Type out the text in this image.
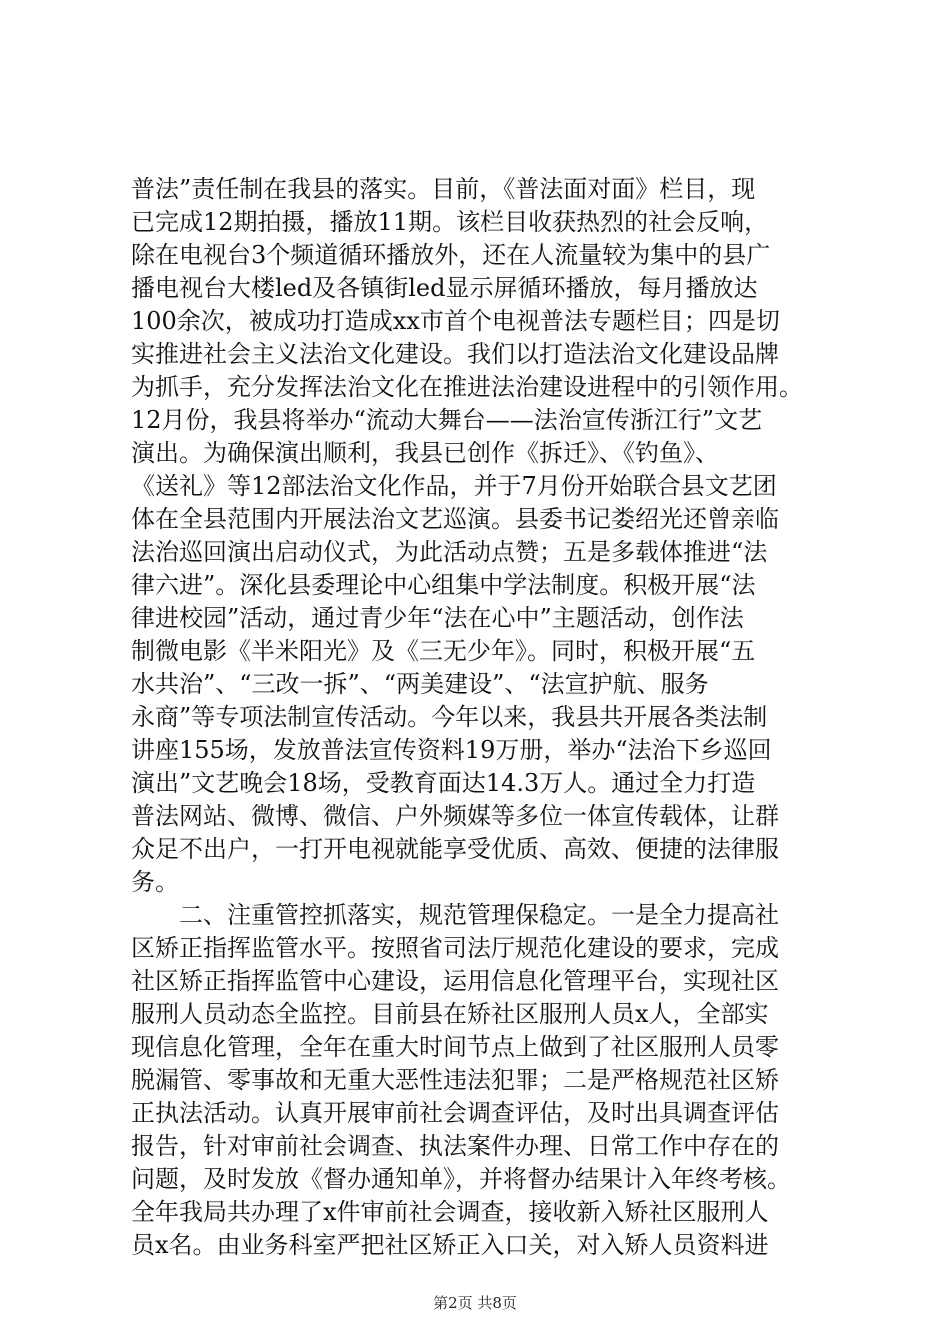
普法”责任制在我县的落实。目前，《普法面对面》栏目，现
已完成12期拍摄，播放11期。该栏目收获热烈的社会反响，
除在电视台3个频道循环播放外，还在人流量较为集中的县广
播电视台大楼led及各镇街led显示屏循环播放，每月播放达
100余次，被成功打造成xx市首个电视普法专题栏目；四是切
实推进社会主义法治文化建设。我们以打造法治文化建设品牌
为抓手，充分发挥法治文化在推进法治建设进程中的引领作用。
12月份，我县将举办“流动大舞台——法治宣传浙江行”文艺
演出。为确保演出顺利，我县已创作《拆迁》、《钓鱼》、
《送礼》等12部法治文化作品，并于7月份开始联合县文艺团
体在全县范围内开展法治文艺巡演。县委书记娄绍光还曾亲临
法治巡回演出启动仪式，为此活动点赞；五是多载体推进“法
律六进”。深化县委理论中心组集中学法制度。积极开展“法
律进校园”活动，通过青少年“法在心中”主题活动，创作法
制微电影《半米阳光》及《三无少年》。同时，积极开展“五
水共治”、“三改一拆”、“两美建设”、“法宣护航、服务
永商”等专项法制宣传活动。今年以来，我县共开展各类法制
讲座155场，发放普法宣传资料19万册，举办“法治下乡巡回
演出”文艺晚会18场，受教育面达14.3万人。通过全力打造
普法网站、微博、微信、户外频媒等多位一体宣传载体，让群
众足不出户，一打开电视就能享受优质、高效、便捷的法律服
务。
　　二、注重管控抓落实，规范管理保稳定。一是全力提高社
区矫正指挥监管水平。按照省司法厅规范化建设的要求，完成
社区矫正指挥监管中心建设，运用信息化管理平台，实现社区
服刑人员动态全监控。目前县在矫社区服刑人员x人，全部实
现信息化管理，全年在重大时间节点上做到了社区服刑人员零
脱漏管、零事故和无重大恶性违法犯罪；二是严格规范社区矫
正执法活动。认真开展审前社会调查评估，及时出具调查评估
报告，针对审前社会调查、执法案件办理、日常工作中存在的
问题，及时发放《督办通知单》，并将督办结果计入年终考核。
全年我局共办理了x件审前社会调查，接收新入矫社区服刑人
员x名。由业务科室严把社区矫正入口关，对入矫人员资料进
第2页 共8页
